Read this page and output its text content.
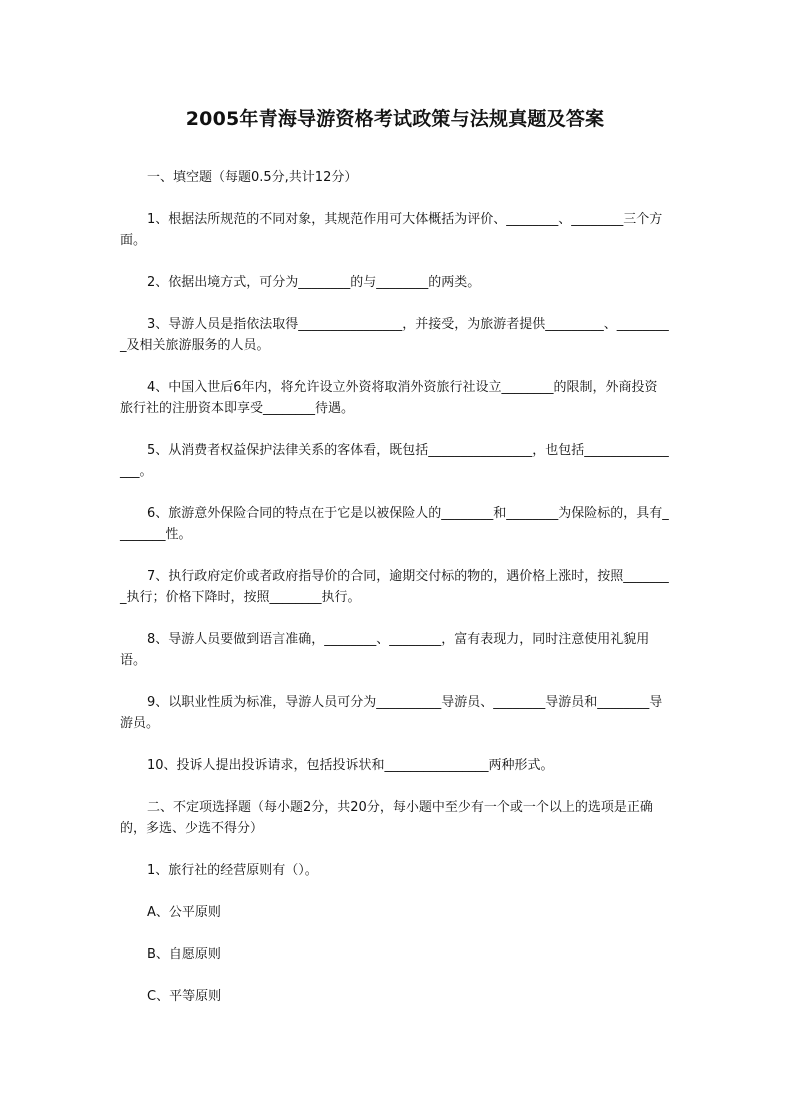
2005年青海导游资格考试政策与法规真题及答案

一、填空题（每题0.5分,共计12分）

1、根据法所规范的不同对象，其规范作用可大体概括为评价、________、________三个方面。

2、依据出境方式，可分为________的与________的两类。

3、导游人员是指依法取得________________，并接受，为旅游者提供_________、_________及相关旅游服务的人员。

4、中国入世后6年内，将允许设立外资将取消外资旅行社设立________的限制，外商投资旅行社的注册资本即享受________待遇。

5、从消费者权益保护法律关系的客体看，既包括________________，也包括________________。

6、旅游意外保险合同的特点在于它是以被保险人的________和________为保险标的，具有________性。

7、执行政府定价或者政府指导价的合同，逾期交付标的物的，遇价格上涨时，按照________执行；价格下降时，按照________执行。

8、导游人员要做到语言准确，________、________，富有表现力，同时注意使用礼貌用语。

9、以职业性质为标准，导游人员可分为__________导游员、________导游员和________导游员。

10、投诉人提出投诉请求，包括投诉状和________________两种形式。

二、不定项选择题（每小题2分，共20分，每小题中至少有一个或一个以上的选项是正确的，多选、少选不得分）

1、旅行社的经营原则有（）。

A、公平原则

B、自愿原则

C、平等原则
